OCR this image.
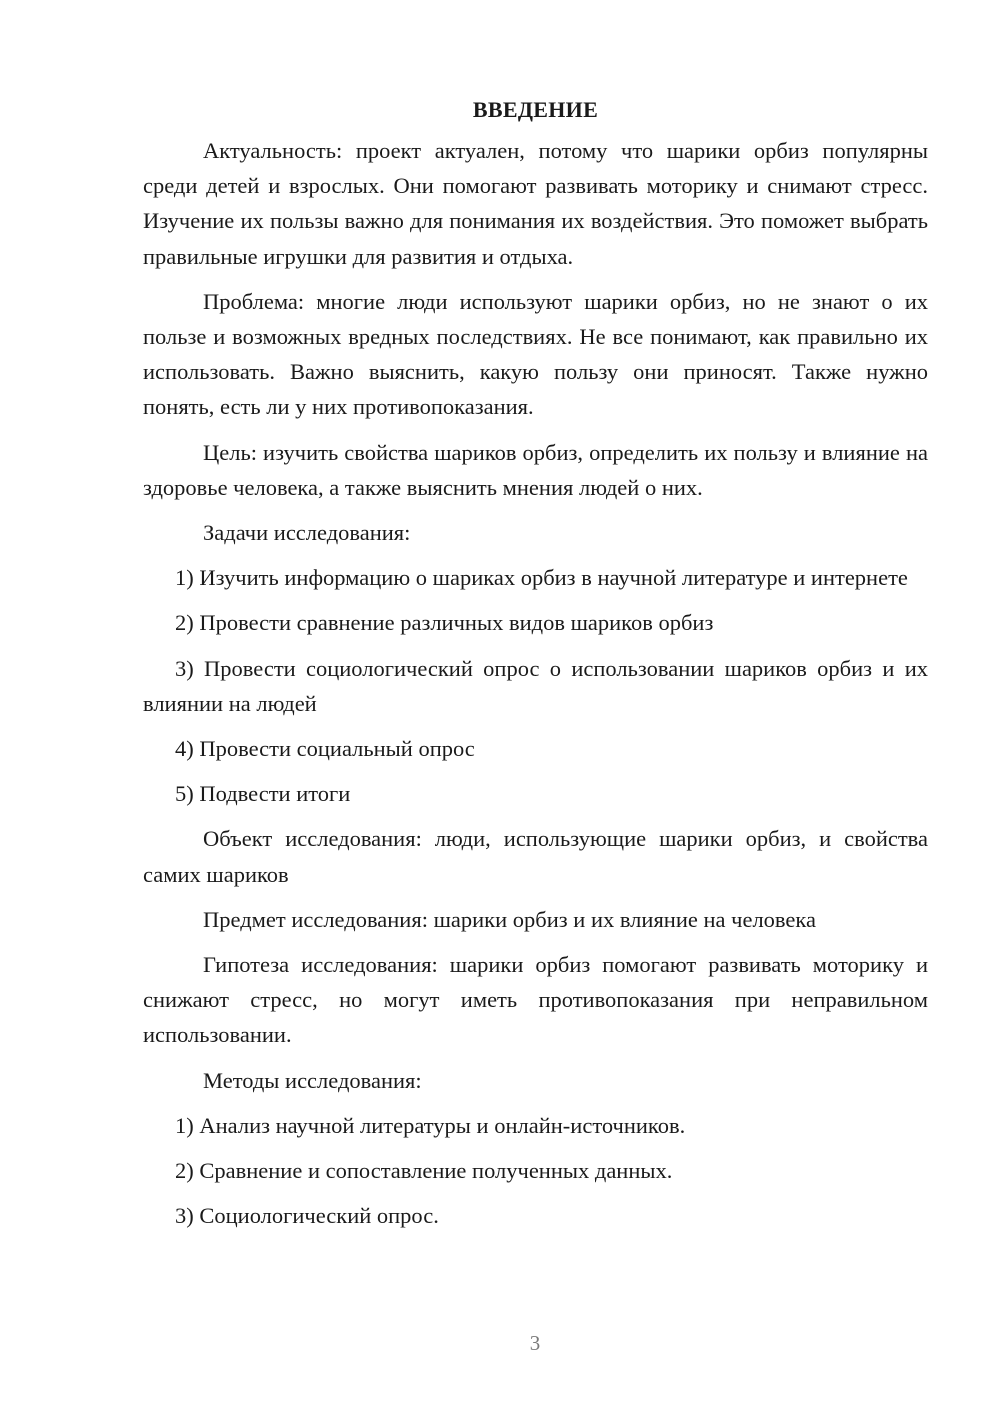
ВВЕДЕНИЕ

Актуальность: проект актуален, потому что шарики орбиз популярны среди детей и взрослых. Они помогают развивать моторику и снимают стресс. Изучение их пользы важно для понимания их воздействия. Это поможет выбрать правильные игрушки для развития и отдыха.

Проблема: многие люди используют шарики орбиз, но не знают о их пользе и возможных вредных последствиях. Не все понимают, как правильно их использовать. Важно выяснить, какую пользу они приносят. Также нужно понять, есть ли у них противопоказания.

Цель: изучить свойства шариков орбиз, определить их пользу и влияние на здоровье человека, а также выяснить мнения людей о них.

Задачи исследования:

1) Изучить информацию о шариках орбиз в научной литературе и интернете

2) Провести сравнение различных видов шариков орбиз

3) Провести социологический опрос о использовании шариков орбиз и их влиянии на людей

4) Провести социальный опрос

5) Подвести итоги

Объект исследования: люди, использующие шарики орбиз, и свойства самих шариков

Предмет исследования: шарики орбиз и их влияние на человека

Гипотеза исследования: шарики орбиз помогают развивать моторику и снижают стресс, но могут иметь противопоказания при неправильном использовании.

Методы исследования:

1) Анализ научной литературы и онлайн-источников.

2) Сравнение и сопоставление полученных данных.

3) Социологический опрос.

3
